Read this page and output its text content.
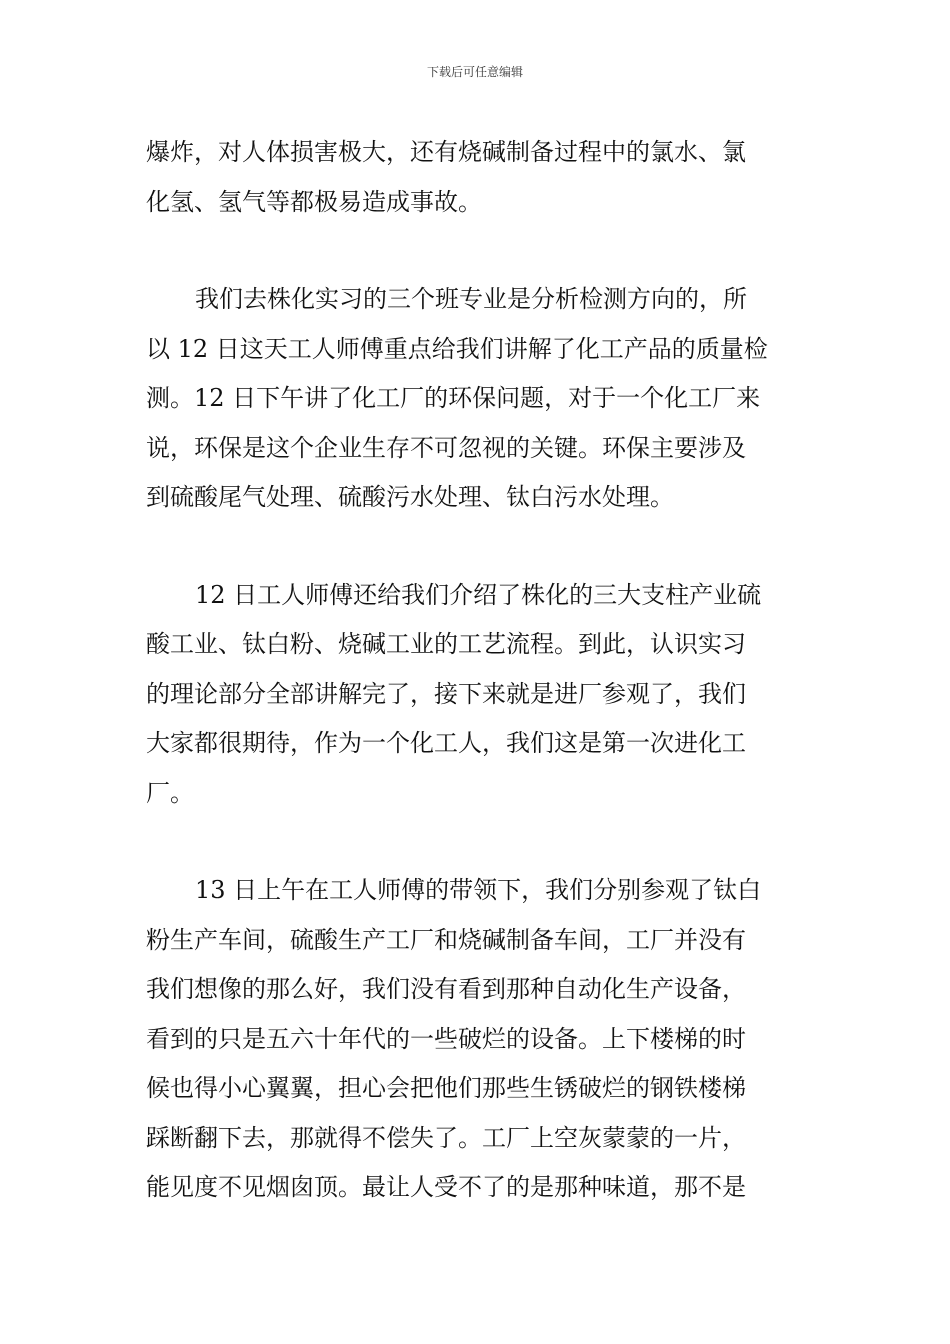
下载后可任意编辑
爆炸，对人体损害极大，还有烧碱制备过程中的氯水、氯
化氢、氢气等都极易造成事故。
我们去株化实习的三个班专业是分析检测方向的，所
以 12 日这天工人师傅重点给我们讲解了化工产品的质量检
测。12 日下午讲了化工厂的环保问题，对于一个化工厂来
说，环保是这个企业生存不可忽视的关键。环保主要涉及
到硫酸尾气处理、硫酸污水处理、钛白污水处理。
12 日工人师傅还给我们介绍了株化的三大支柱产业硫
酸工业、钛白粉、烧碱工业的工艺流程。到此，认识实习
的理论部分全部讲解完了，接下来就是进厂参观了，我们
大家都很期待，作为一个化工人，我们这是第一次进化工
厂。
13 日上午在工人师傅的带领下，我们分别参观了钛白
粉生产车间，硫酸生产工厂和烧碱制备车间，工厂并没有
我们想像的那么好，我们没有看到那种自动化生产设备，
看到的只是五六十年代的一些破烂的设备。上下楼梯的时
候也得小心翼翼，担心会把他们那些生锈破烂的钢铁楼梯
踩断翻下去，那就得不偿失了。工厂上空灰蒙蒙的一片，
能见度不见烟囱顶。最让人受不了的是那种味道，那不是
